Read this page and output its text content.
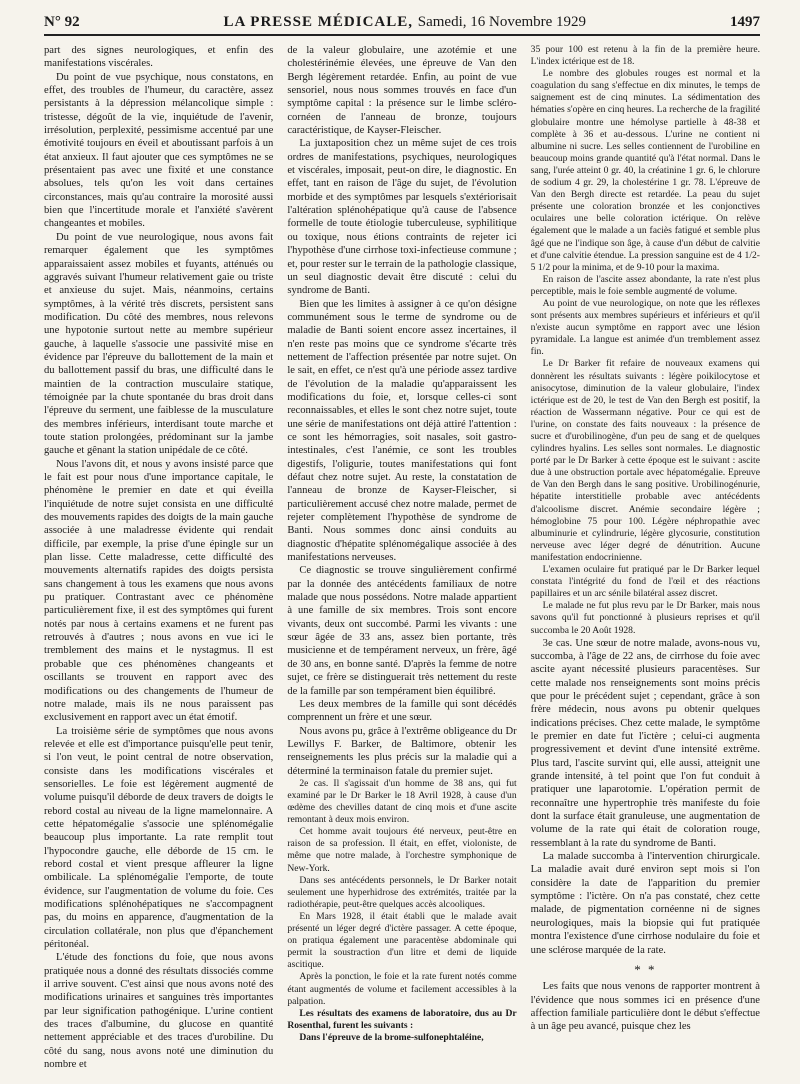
N° 92	LA PRESSE MÉDICALE, Samedi, 16 Novembre 1929	1497

part des signes neurologiques, et enfin des manifestations viscérales.

Du point de vue psychique, nous constatons, en effet, des troubles de l'humeur, du caractère, assez persistants à la dépression mélancolique simple : tristesse, dégoût de la vie, inquiétude de l'avenir, irrésolution, perplexité, pessimisme accentué par une émotivité toujours en éveil et aboutissant parfois à un état anxieux. Il faut ajouter que ces symptômes ne se présentaient pas avec une fixité et une constance absolues, tels qu'on les voit dans certaines circonstances, mais qu'au contraire la morosité aussi bien que l'incertitude morale et l'anxiété s'avèrent changeantes et mobiles.

Du point de vue neurologique, nous avons fait remarquer également que les symptômes apparaissaient assez mobiles et fuyants, atténués ou aggravés suivant l'humeur relativement gaie ou triste et anxieuse du sujet. Mais, néanmoins, certains symptômes, à la vérité très discrets, persistent sans modification. Du côté des membres, nous relevons une hypotonie surtout nette au membre supérieur gauche, à laquelle s'associe une passivité mise en évidence par l'épreuve du ballottement de la main et du ballottement passif du bras, une difficulté dans le maintien de la contraction musculaire statique, témoignée par la chute spontanée du bras droit dans l'épreuve du serment, une faiblesse de la musculature des membres inférieurs, interdisant toute marche et toute station prolongées, prédominant sur la jambe gauche et gênant la station unipédale de ce côté.

Nous l'avons dit, et nous y avons insisté parce que le fait est pour nous d'une importance capitale, le phénomène le premier en date et qui éveilla l'inquiétude de notre sujet consista en une difficulté des mouvements rapides des doigts de la main gauche associée à une maladresse évidente qui rendait difficile, par exemple, la prise d'une épingle sur un plan lisse. Cette maladresse, cette difficulté des mouvements alternatifs rapides des doigts persista sans changement à tous les examens que nous avons pu pratiquer. Contrastant avec ce phénomène particulièrement fixe, il est des symptômes qui furent notés par nous à certains examens et ne furent pas retrouvés à d'autres ; nous avons en vue ici le tremblement des mains et le nystagmus. Il est probable que ces phénomènes changeants et oscillants se trouvent en rapport avec des modifications ou des changements de l'humeur de notre malade, mais ils ne nous paraissent pas exclusivement en rapport avec un état émotif.

La troisième série de symptômes que nous avons relevée et elle est d'importance puisqu'elle peut tenir, si l'on veut, le point central de notre observation, consiste dans les modifications viscérales et sensorielles. Le foie est légèrement augmenté de volume puisqu'il déborde de deux travers de doigts le rebord costal au niveau de la ligne mamelonnaire. A cette hépatomégalie s'associe une splénomégalie beaucoup plus importante. La rate remplit tout l'hypocondre gauche, elle déborde de 15 cm. le rebord costal et vient presque affleurer la ligne ombilicale. La splénomégalie l'emporte, de toute évidence, sur l'augmentation de volume du foie. Ces modifications splénohépatiques ne s'accompagnent pas, du moins en apparence, d'augmentation de la circulation collatérale, non plus que d'épanchement péritonéal.

L'étude des fonctions du foie, que nous avons pratiquée nous a donné des résultats dissociés comme il arrive souvent. C'est ainsi que nous avons noté des modifications urinaires et sanguines très importantes par leur signification pathogénique. L'urine contient des traces d'albumine, du glucose en quantité nettement appréciable et des traces d'urobiline. Du côté du sang, nous avons noté une diminution du nombre et

de la valeur globulaire, une azotémie et une cholestérinémie élevées, une épreuve de Van den Bergh légèrement retardée. Enfin, au point de vue sensoriel, nous nous sommes trouvés en face d'un symptôme capital : la présence sur le limbe scléro-cornéen de l'anneau de bronze, toujours caractéristique, de Kayser-Fleischer.

La juxtaposition chez un même sujet de ces trois ordres de manifestations, psychiques, neurologiques et viscérales, imposait, peut-on dire, le diagnostic. En effet, tant en raison de l'âge du sujet, de l'évolution morbide et des symptômes par lesquels s'extériorisait l'altération splénohépatique qu'à cause de l'absence formelle de toute étiologie tuberculeuse, syphilitique ou toxique, nous étions contraints de rejeter ici l'hypothèse d'une cirrhose toxi-infectieuse commune ; et, pour rester sur le terrain de la pathologie classique, un seul diagnostic devait être discuté : celui du syndrome de Banti.

Bien que les limites à assigner à ce qu'on désigne communément sous le terme de syndrome ou de maladie de Banti soient encore assez incertaines, il n'en reste pas moins que ce syndrome s'écarte très nettement de l'affection présentée par notre sujet. On le sait, en effet, ce n'est qu'à une période assez tardive de l'évolution de la maladie qu'apparaissent les modifications du foie, et, lorsque celles-ci sont reconnaissables, et elles le sont chez notre sujet, toute une série de manifestations ont déjà attiré l'attention : ce sont les hémorragies, soit nasales, soit gastro-intestinales, c'est l'anémie, ce sont les troubles digestifs, l'oligurie, toutes manifestations qui font défaut chez notre sujet. Au reste, la constatation de l'anneau de bronze de Kayser-Fleischer, si particulièrement accusé chez notre malade, permet de rejeter complètement l'hypothèse de syndrome de Banti. Nous sommes donc ainsi conduits au diagnostic d'hépatite splénomégalique associée à des manifestations nerveuses.

Ce diagnostic se trouve singulièrement confirmé par la donnée des antécédents familiaux de notre malade que nous possédons. Notre malade appartient à une famille de six membres. Trois sont encore vivants, deux ont succombé. Parmi les vivants : une sœur âgée de 33 ans, assez bien portante, très musicienne et de tempérament nerveux, un frère, âgé de 30 ans, en bonne santé. D'après la femme de notre sujet, ce frère se distinguerait très nettement du reste de la famille par son tempérament bien équilibré.

Les deux membres de la famille qui sont décédés comprennent un frère et une sœur.

Nous avons pu, grâce à l'extrême obligeance du Dr Lewillys F. Barker, de Baltimore, obtenir les renseignements les plus précis sur la maladie qui a déterminé la terminaison fatale du premier sujet.

2e cas. Il s'agissait d'un homme de 38 ans, qui fut examiné par le Dr Barker le 18 Avril 1928, à cause d'un œdème des chevilles datant de cinq mois et d'une ascite remontant à deux mois environ.

Cet homme avait toujours été nerveux, peut-être en raison de sa profession. Il était, en effet, violoniste, de même que notre malade, à l'orchestre symphonique de New-York.

Dans ses antécédents personnels, le Dr Barker notait seulement une hyperhidrose des extrémités, traitée par la radiothérapie, peut-être quelques accès alcooliques.

En Mars 1928, il était établi que le malade avait présenté un léger degré d'ictère passager. A cette époque, on pratiqua également une paracentèse abdominale qui permit la soustraction d'un litre et demi de liquide ascitique.

Après la ponction, le foie et la rate furent notés comme étant augmentés de volume et facilement accessibles à la palpation.

Les résultats des examens de laboratoire, dus au Dr Rosenthal, furent les suivants :

Dans l'épreuve de la brome-sulfonephtaléine,

35 pour 100 est retenu à la fin de la première heure. L'index ictérique est de 18.

Le nombre des globules rouges est normal et la coagulation du sang s'effectue en dix minutes, le temps de saignement est de cinq minutes. La sédimentation des hématies s'opère en cinq heures. La recherche de la fragilité globulaire montre une hémolyse partielle à 48-38 et complète à 36 et au-dessous. L'urine ne contient ni albumine ni sucre. Les selles contiennent de l'urobiline en beaucoup moins grande quantité qu'à l'état normal. Dans le sang, l'urée atteint 0 gr. 40, la créatinine 1 gr. 6, le chlorure de sodium 4 gr. 29, la cholestérine 1 gr. 78. L'épreuve de Van den Bergh directe est retardée. La peau du sujet présente une coloration bronzée et les conjonctives oculaires une belle coloration ictérique. On relève également que le malade a un faciès fatigué et semble plus âgé que ne l'indique son âge, à cause d'un début de calvitie et d'une calvitie étendue. La pression sanguine est de 4 1/2-5 1/2 pour la minima, et de 9-10 pour la maxima.

En raison de l'ascite assez abondante, la rate n'est plus perceptible, mais le foie semble augmenté de volume.

Au point de vue neurologique, on note que les réflexes sont présents aux membres supérieurs et inférieurs et qu'il n'existe aucun symptôme en rapport avec une lésion pyramidale. La langue est animée d'un tremblement assez fin.

Le Dr Barker fit refaire de nouveaux examens qui donnèrent les résultats suivants : légère poikilocytose et anisocytose, diminution de la valeur globulaire, l'index ictérique est de 20, le test de Van den Bergh est positif, la réaction de Wassermann négative. Pour ce qui est de l'urine, on constate des faits nouveaux : la présence de sucre et d'urobilinogène, d'un peu de sang et de quelques cylindres hyalins. Les selles sont normales. Le diagnostic porté par le Dr Barker à cette époque est le suivant : ascite due à une obstruction portale avec hépatomégalie. Epreuve de Van den Bergh dans le sang positive. Urobilinogénurie, hépatite interstitielle probable avec antécédents d'alcoolisme discret. Anémie secondaire légère ; hémoglobine 75 pour 100. Légère néphropathie avec albuminurie et cylindrurie, légère glycosurie, constitution nerveuse avec léger degré de dénutrition. Aucune manifestation endocrinienne.

L'examen oculaire fut pratiqué par le Dr Barker lequel constata l'intégrité du fond de l'œil et des réactions papillaires et un arc sénile bilatéral assez discret.

Le malade ne fut plus revu par le Dr Barker, mais nous savons qu'il fut ponctionné à plusieurs reprises et qu'il succomba le 20 Août 1928.

3e cas. Une sœur de notre malade, avons-nous vu, succomba, à l'âge de 22 ans, de cirrhose du foie avec ascite ayant nécessité plusieurs paracentèses. Sur cette malade nos renseignements sont moins précis que pour le précédent sujet ; cependant, grâce à son frère médecin, nous avons pu obtenir quelques indications précises. Chez cette malade, le symptôme le premier en date fut l'ictère ; celui-ci augmenta progressivement et devint d'une intensité extrême. Plus tard, l'ascite survint qui, elle aussi, atteignit une grande intensité, à tel point que l'on fut conduit à pratiquer une laparotomie. L'opération permit de reconnaître une hypertrophie très manifeste du foie dont la surface était granuleuse, une augmentation de volume de la rate qui était de coloration rouge, ressemblant à la rate du syndrome de Banti.

La malade succomba à l'intervention chirurgicale. La maladie avait duré environ sept mois si l'on considère la date de l'apparition du premier symptôme : l'ictère. On n'a pas constaté, chez cette malade, de pigmentation cornéenne ni de signes neurologiques, mais la biopsie qui fut pratiquée montra l'existence d'une cirrhose nodulaire du foie et une sclérose marquée de la rate.

* *

Les faits que nous venons de rapporter montrent à l'évidence que nous sommes ici en présence d'une affection familiale particulière dont le début s'effectue à un âge peu avancé, puisque chez les
